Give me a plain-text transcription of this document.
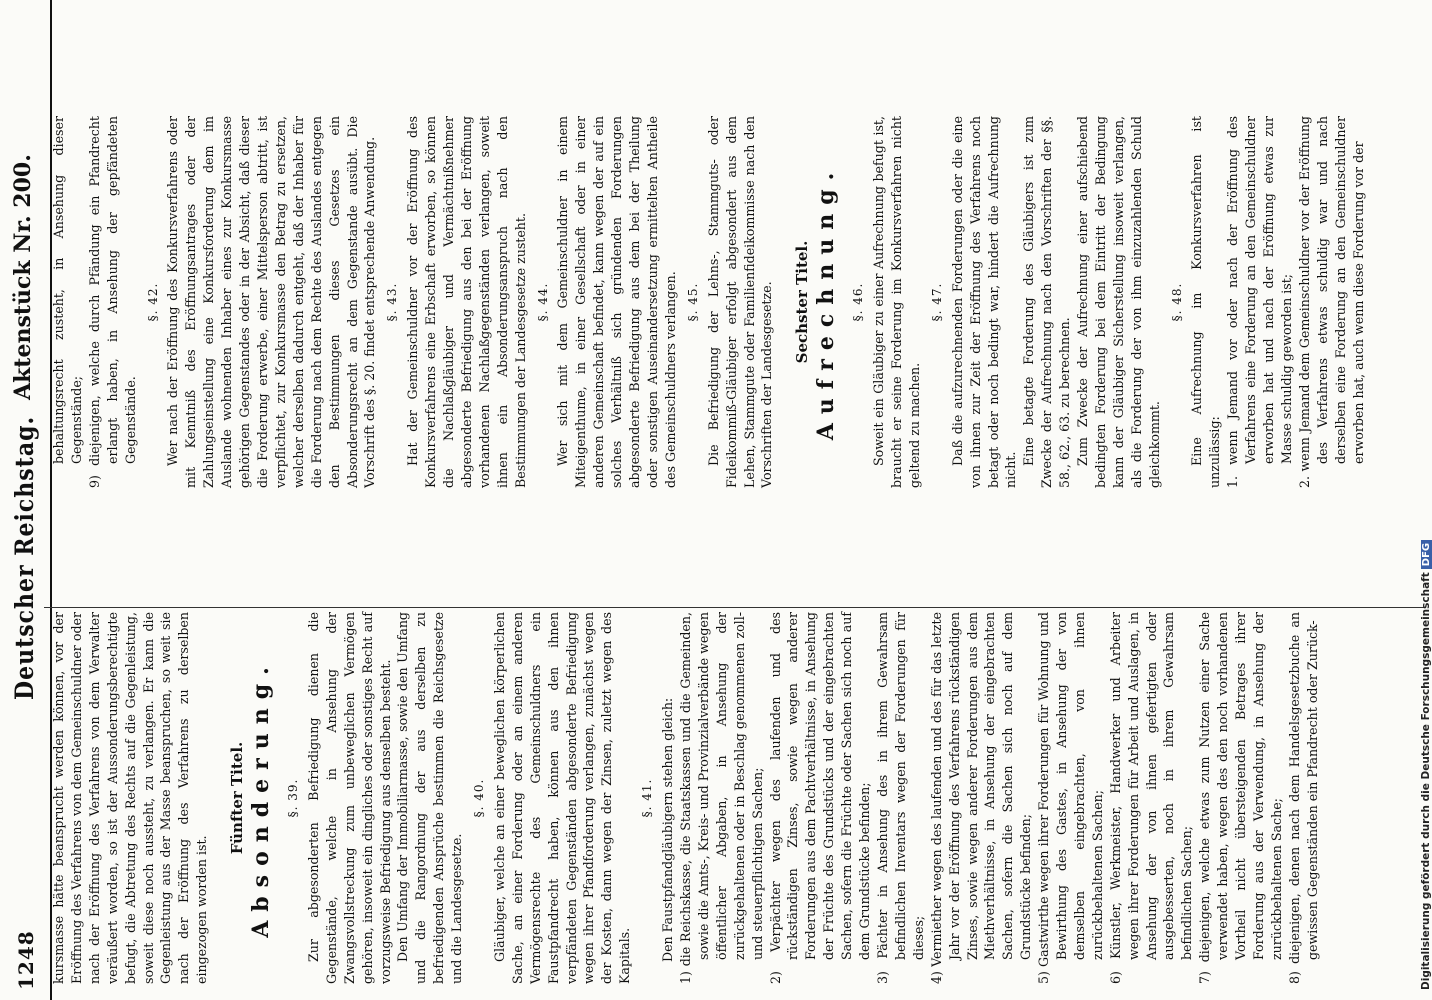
1248
Deutscher Reichstag.
Aktenstück Nr. 200.

kursmasse hätte beansprucht werden können, vor der Eröffnung des Verfahrens von dem Gemeinschuldner oder nach der Eröffnung des Verfahrens von dem Verwalter veräußert worden, so ist der Aussonderungsberechtigte befugt, die Abtretung des Rechts auf die Gegenleistung, soweit diese noch aussteht, zu verlangen. Er kann die Gegenleistung aus der Masse beanspruchen, so weit sie nach der Eröffnung des Verfahrens zu derselben eingezogen worden ist.

Fünfter Titel. Absonderung. §. 39. Zur abgesonderten Befriedigung dienen die Gegenstände, welche in Ansehung der Zwangsvollstreckung zum unbeweglichen Vermögen gehören, insoweit ein dingliches oder sonstiges Recht auf vorzugsweise Befriedigung aus denselben besteht. Den Umfang der Immobiliarmasse, sowie den Umfang und die Rangordnung der aus derselben zu befriedigenden Ansprüche bestimmen die Reichsgesetze und die Landesgesetze.

§. 40. Gläubiger, welche an einer beweglichen körperlichen Sache, an einer Forderung oder an einem anderen Vermögensrechte des Gemeinschuldners ein Faustpfandrecht haben, können aus den ihnen verpfändeten Gegenständen abgesonderte Befriedigung wegen ihrer Pfandforderung verlangen, zunächst wegen der Kosten, dann wegen der Zinsen, zuletzt wegen des Kapitals.

§. 41. Den Faustpfandgläubigern stehen gleich: 1) die Reichskasse, die Staatskassen und die Gemeinden, sowie die Amts-, Kreis- und Provinzialverbände wegen öffentlicher Abgaben, in Ansehung der zurückgehaltenen oder in Beschlag genommenen zoll- und steuerpflichtigen Sachen; 2) Verpächter wegen des laufenden und des rückständigen Zinses, sowie wegen anderer Forderungen aus dem Pachtverhältnisse, in Ansehung der Früchte des Grundstücks und der eingebrachten Sachen, sofern die Früchte oder Sachen sich noch auf dem Grundstücke befinden; 3) Pächter in Ansehung des in ihrem Gewahrsam befindlichen Inventars wegen der Forderungen für dieses; 4) Vermiether wegen des laufenden und des für das letzte Jahr vor der Eröffnung des Verfahrens rückständigen Zinses, sowie wegen anderer Forderungen aus dem Miethverhältnisse, in Ansehung der eingebrachten Sachen, sofern die Sachen sich noch auf dem Grundstücke befinden; 5) Gastwirthe wegen ihrer Forderungen für Wohnung und Bewirthung des Gastes, in Ansehung der von demselben eingebrachten, von ihnen zurückbehaltenen Sachen; 6) Künstler, Werkmeister, Handwerker und Arbeiter wegen ihrer Forderungen für Arbeit und Auslagen, in Ansehung der von ihnen gefertigten oder ausgebesserten, noch in ihrem Gewahrsam befindlichen Sachen; 7) diejenigen, welche etwas zum Nutzen einer Sache verwendet haben, wegen des den noch vorhandenen Vortheil nicht übersteigenden Betrages ihrer Forderung aus der Verwendung, in Ansehung der zurückbehaltenen Sache; 8) diejenigen, denen nach dem Handelsgesetzbuche an gewissen Gegenständen ein Pfandrecht oder Zurück-

behaltungsrecht zusteht, in Ansehung dieser Gegenstände; 9) diejenigen, welche durch Pfändung ein Pfandrecht erlangt haben, in Ansehung der gepfändeten Gegenstände.

§. 42. Wer nach der Eröffnung des Konkursverfahrens oder mit Kenntniß des Eröffnungsantrages oder der Zahlungseinstellung eine Konkursforderung dem im Auslande wohnenden Inhaber eines zur Konkursmasse gehörigen Gegenstandes oder in der Absicht, daß dieser die Forderung erwerbe, einer Mittelsperson abtritt, ist verpflichtet, zur Konkursmasse den Betrag zu ersetzen, welcher derselben dadurch entgeht, daß der Inhaber für die Forderung nach dem Rechte des Auslandes entgegen den Bestimmungen dieses Gesetzes ein Absonderungsrecht an dem Gegenstande ausübt. Die Vorschrift des §. 20. findet entsprechende Anwendung. §. 43. Hat der Gemeinschuldner vor der Eröffnung des Konkursverfahrens eine Erbschaft erworben, so können die Nachlaßgläubiger und Vermächtnißnehmer abgesonderte Befriedigung aus den bei der Eröffnung vorhandenen Nachlaßgegenständen verlangen, soweit ihnen ein Absonderungsanspruch nach den Bestimmungen der Landesgesetze zusteht. §. 44. Wer sich mit dem Gemeinschuldner in einem Miteigenthume, in einer Gesellschaft oder in einer anderen Gemeinschaft befindet, kann wegen der auf ein solches Verhältniß sich gründenden Forderungen abgesonderte Befriedigung aus dem bei der Theilung oder sonstigen Auseinandersetzung ermittelten Antheile des Gemeinschuldners verlangen. §. 45. Die Befriedigung der Lehns-, Stammguts- oder Fideikommiß-Gläubiger erfolgt abgesondert aus dem Lehen, Stammgute oder Familienfideikommisse nach den Vorschriften der Landesgesetze. Sechster Titel. Aufrechnung. §. 46. Soweit ein Gläubiger zu einer Aufrechnung befugt ist, braucht er seine Forderung im Konkursverfahren nicht geltend zu machen.

§. 47. Daß die aufzurechnenden Forderungen oder die eine von ihnen zur Zeit der Eröffnung des Verfahrens noch betagt oder noch bedingt war, hindert die Aufrechnung nicht.

Eine betagte Forderung des Gläubigers ist zum Zwecke der Aufrechnung nach den Vorschriften der §§. 58., 62., 63. zu berechnen. Zum Zwecke der Aufrechnung einer aufschiebend bedingten Forderung bei dem Eintritt der Bedingung kann der Gläubiger Sicherstellung insoweit verlangen, als die Forderung der von ihm einzuzahlenden Schuld gleichkommt.

§. 48. Eine Aufrechnung im Konkursverfahren ist unzulässig: 1. wenn Jemand vor oder nach der Eröffnung des Verfahrens eine Forderung an den Gemeinschuldner erworben hat und nach der Eröffnung etwas zur Masse schuldig geworden ist; 2. wenn Jemand dem Gemeinschuldner vor der Eröffnung des Verfahrens etwas schuldig war und nach derselben eine Forderung an den Gemeinschuldner erworben hat, auch wenn diese Forderung vor der

Digitalisierung gefördert durch die Deutsche ForschungsgemeinschaftDFG
